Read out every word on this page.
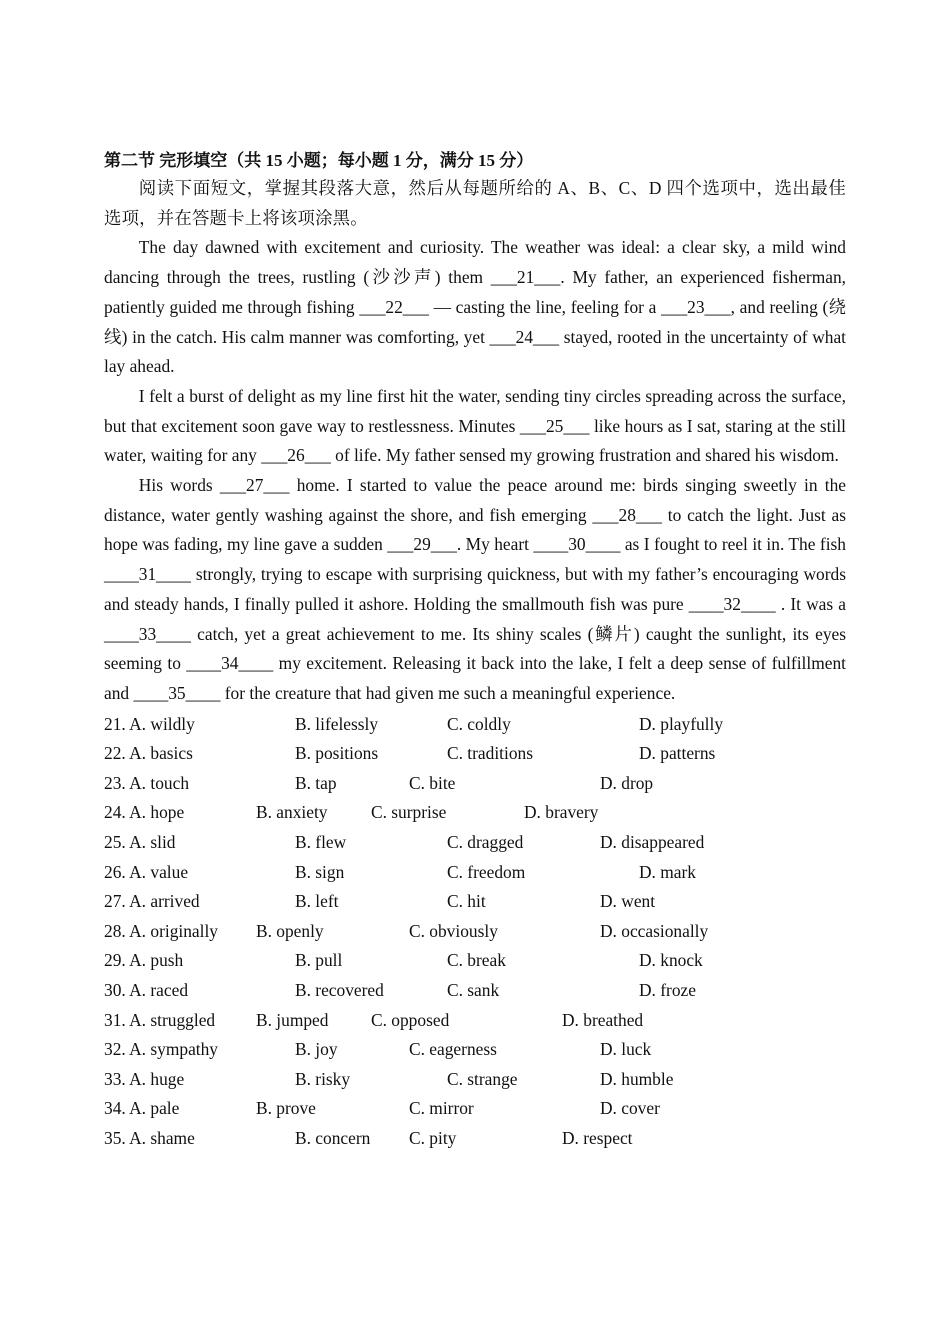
第二节 完形填空（共 15 小题；每小题 1 分，满分 15 分）

阅读下面短文，掌握其段落大意，然后从每题所给的 A、B、C、D 四个选项中，选出最佳选项，并在答题卡上将该项涂黑。

The day dawned with excitement and curiosity. The weather was ideal: a clear sky, a mild wind dancing through the trees, rustling (沙沙声) them ___21___. My father, an experienced fisherman, patiently guided me through fishing ___22___ — casting the line, feeling for a ___23___, and reeling (绕线) in the catch. His calm manner was comforting, yet ___24___ stayed, rooted in the uncertainty of what lay ahead.

I felt a burst of delight as my line first hit the water, sending tiny circles spreading across the surface, but that excitement soon gave way to restlessness. Minutes ___25___ like hours as I sat, staring at the still water, waiting for any ___26___ of life. My father sensed my growing frustration and shared his wisdom.

His words ___27___ home. I started to value the peace around me: birds singing sweetly in the distance, water gently washing against the shore, and fish emerging ___28___ to catch the light. Just as hope was fading, my line gave a sudden ___29___. My heart ____30____ as I fought to reel it in. The fish ____31____ strongly, trying to escape with surprising quickness, but with my father’s encouraging words and steady hands, I finally pulled it ashore. Holding the smallmouth fish was pure ____32____ . It was a ____33____ catch, yet a great achievement to me. Its shiny scales (鳞片) caught the sunlight, its eyes seeming to ____34____ my excitement. Releasing it back into the lake, I felt a deep sense of fulfillment and ____35____ for the creature that had given me such a meaningful experience.

21. A. wildly	B. lifelessly	C. coldly	D. playfully
22. A. basics	B. positions	C. traditions	D. patterns
23. A. touch	B. tap	C. bite	D. drop
24. A. hope	B. anxiety	C. surprise	D. bravery
25. A. slid	B. flew	C. dragged	D. disappeared
26. A. value	B. sign	C. freedom	D. mark
27. A. arrived	B. left	C. hit	D. went
28. A. originally B. openly	C. obviously	D. occasionally
29. A. push	B. pull	C. break	D. knock
30. A. raced	B. recovered	C. sank	D. froze
31. A. struggled B. jumped C. opposed	D. breathed
32. A. sympathy	B. joy	C. eagerness	D. luck
33. A. huge	B. risky	C. strange	D. humble
34. A. pale	B. prove	C. mirror	D. cover
35. A. shame	B. concern C. pity	D. respect
